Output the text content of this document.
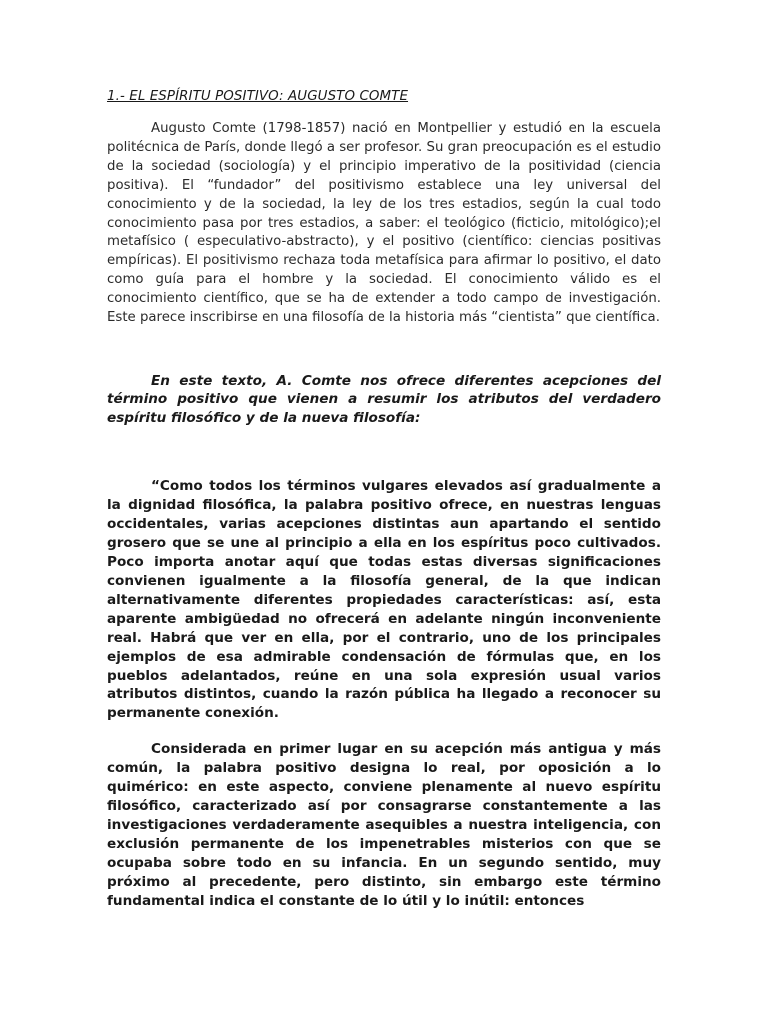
1.- EL ESPÍRITU POSITIVO: AUGUSTO COMTE

Augusto Comte (1798-1857) nació en Montpellier y estudió en la escuela politécnica de París, donde llegó a ser profesor. Su gran preocupación es el estudio de la sociedad (sociología) y el principio imperativo de la positividad (ciencia positiva). El “fundador” del positivismo establece una ley universal del conocimiento y de la sociedad, la ley de los tres estadios, según la cual todo conocimiento pasa por tres estadios, a saber: el teológico (ficticio, mitológico);el metafísico ( especulativo-abstracto), y el positivo (científico: ciencias positivas empíricas). El positivismo rechaza toda metafísica para afirmar lo positivo, el dato como guía para el hombre y la sociedad. El conocimiento válido es el conocimiento científico, que se ha de extender a todo campo de investigación. Este parece inscribirse en una filosofía de la historia más “cientista” que científica.

En este texto, A. Comte nos ofrece diferentes acepciones del término positivo que vienen a resumir los atributos del verdadero espíritu filosófico y de la nueva filosofía:

“Como todos los términos vulgares elevados así gradualmente a la dignidad filosófica, la palabra positivo ofrece, en nuestras lenguas occidentales, varias acepciones distintas aun apartando el sentido grosero que se une al principio a ella en los espíritus poco cultivados. Poco importa anotar aquí que todas estas diversas significaciones convienen igualmente a la filosofía general, de la que indican alternativamente diferentes propiedades características: así, esta aparente ambigüedad no ofrecerá en adelante ningún inconveniente real. Habrá que ver en ella, por el contrario, uno de los principales ejemplos de esa admirable condensación de fórmulas que, en los pueblos adelantados, reúne en una sola expresión usual varios atributos distintos, cuando la razón pública ha llegado a reconocer su permanente conexión.

Considerada en primer lugar en su acepción más antigua y más común, la palabra positivo designa lo real, por oposición a lo quimérico: en este aspecto, conviene plenamente al nuevo espíritu filosófico, caracterizado así por consagrarse constantemente a las investigaciones verdaderamente asequibles a nuestra inteligencia, con exclusión permanente de los impenetrables misterios con que se ocupaba sobre todo en su infancia. En un segundo sentido, muy próximo al precedente, pero distinto, sin embargo este término fundamental indica el constante de lo útil y lo inútil: entonces
